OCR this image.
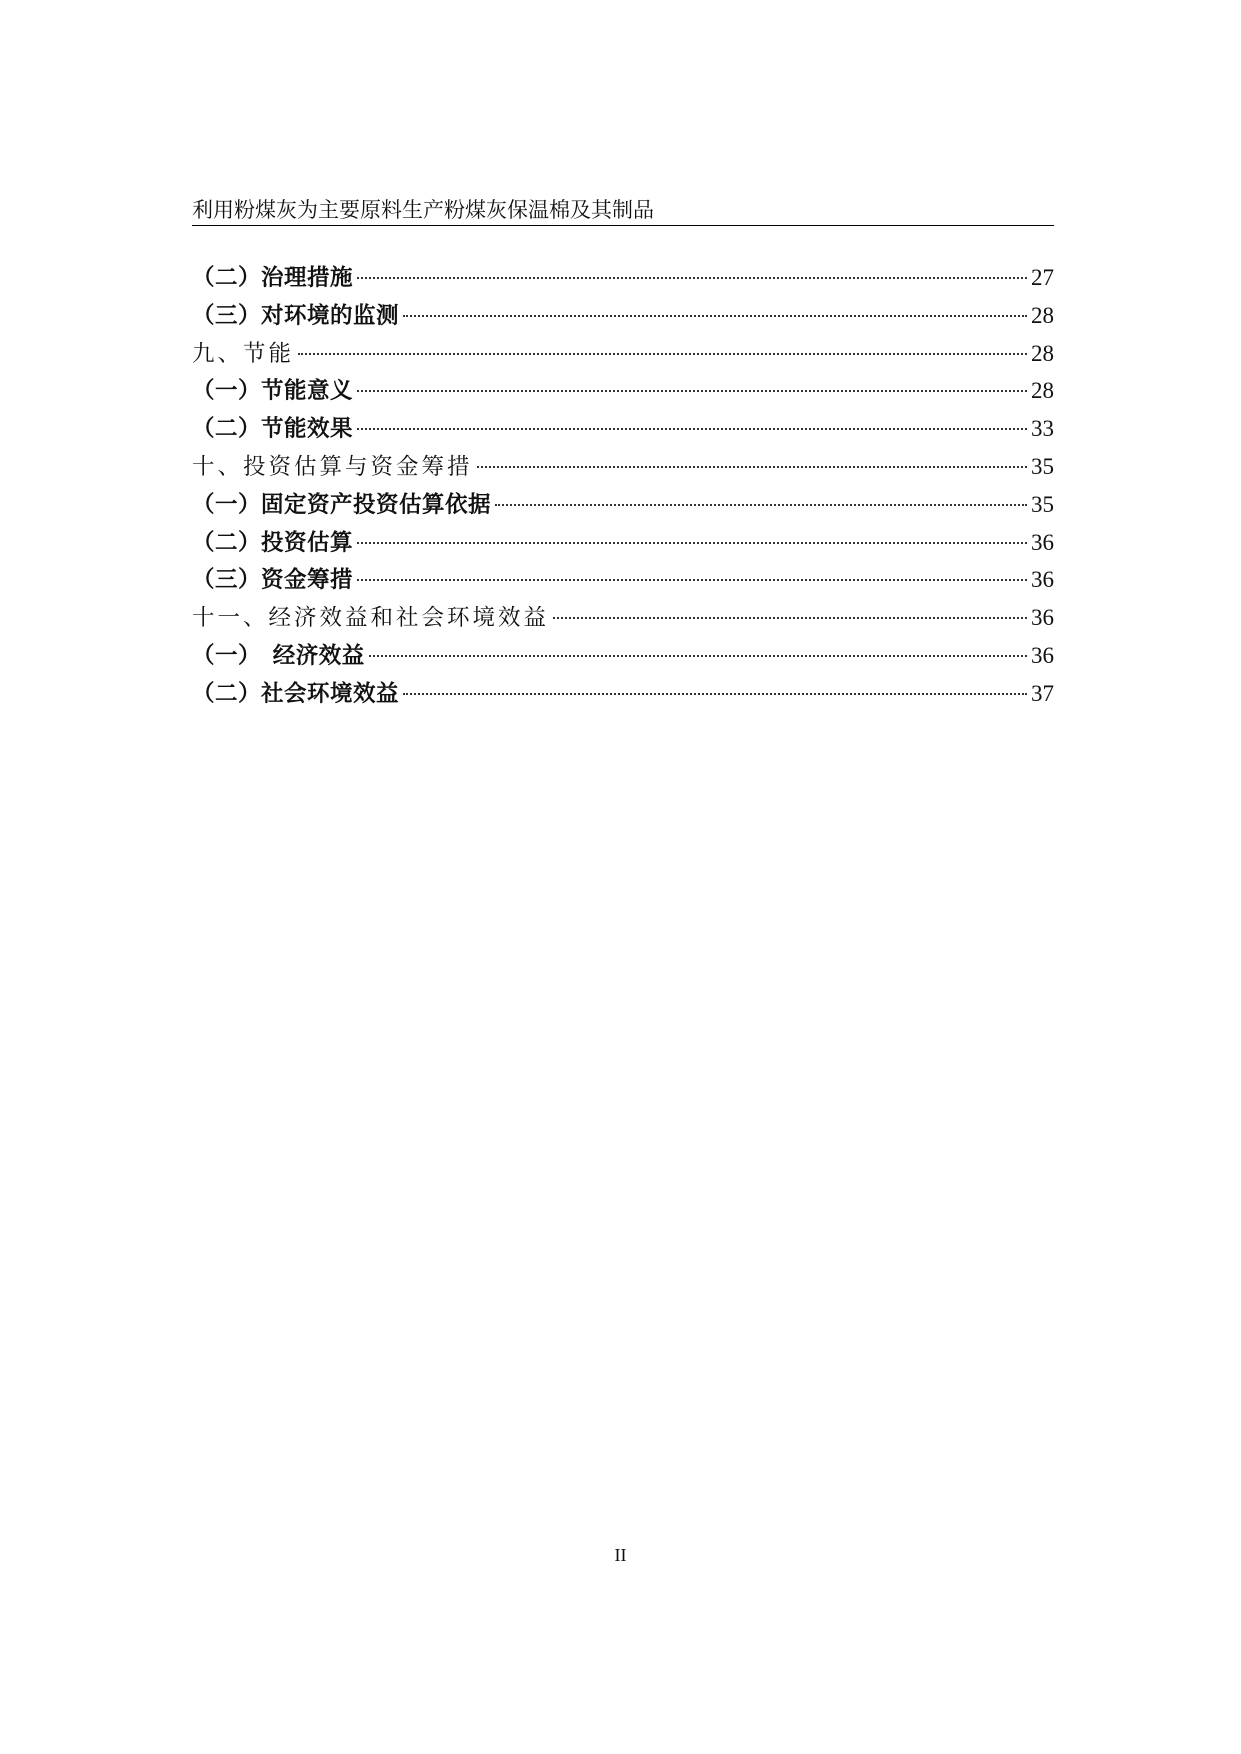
利用粉煤灰为主要原料生产粉煤灰保温棉及其制品
（二）治理措施	27
（三）对环境的监测	28
九、节能	28
（一）节能意义	28
（二）节能效果	33
十、投资估算与资金筹措	35
（一）固定资产投资估算依据	35
（二）投资估算	36
（三）资金筹措	36
十一、经济效益和社会环境效益	36
（一）　经济效益	36
（二）社会环境效益	37
II
